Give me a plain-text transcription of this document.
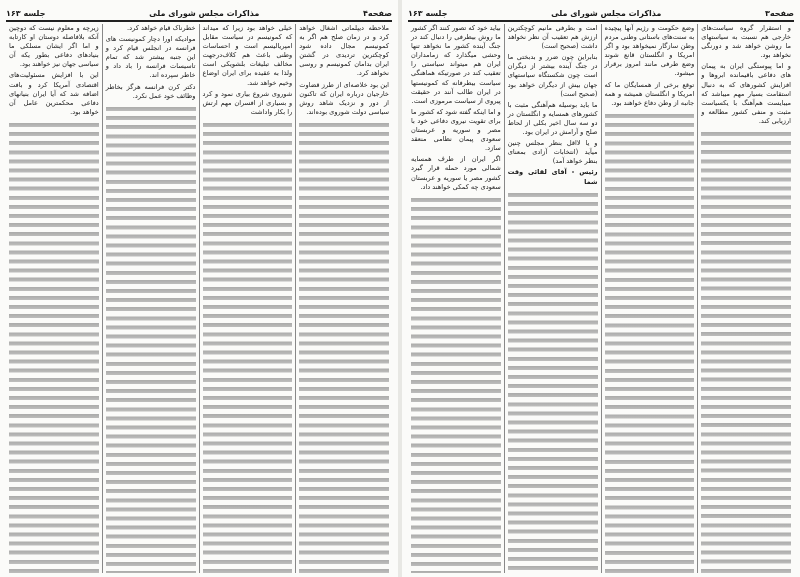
صفحه۴
مذاکرات مجلس شورای ملی
جلسه ۱۶۳

ملاحظه دیپلماتی اشغال خواهد کرد و در زمان صلح هم اگر به کمونیسم مجال داده شود کوچکترین تردیدی در گشتن ایران بدامان کمونیسم و روسی نخواهد کرد.

این بود خلاصه‌ای از طرز قضاوت خارجیان درباره ایران که تاکنون از دور و نزدیک شاهد روش سیاسی دولت شوروی بوده‌اند.

خیلی خواهد بود زیرا که میداند که کمونیسم در سیاست مقابل امپریالیسم است و احساسات وطنی باعث هم کلاف‌درجهت مخالف تبلیغات بلشویکی است ولذا به عقیده برای ایران اوضاع وخیم خواهد شد.

شوروی شروع بیاری نمود و کرد و بسیاری از افسران مهم ارتش را بکار واداشت

خطرناک قیام خواهد کرد.

موادیکه اورا دچار کمونیست های فرانسه در انجلس قیام کرد و این جنبه بیشتر شد که تمام تاسیسات فرانسه را باد داد و خاطر سپرده اند.

دکتر کرن فرانسه هرگز بخاطر وظائف خود عمل نکرد.

زیرچه و معلوم نیست که دوچین آنکه بلافاصله دوستان او کارتابه و اما اگر ایشان مسلکی ما بنیادهای دفاعی بطور یکه آن سیاسی جهان نیز خواهند بود.

این با افزایش مسئولیت‌های اقتصادی آمریکا کرد و بافت اضافه شد که آیا ایران بنیانهای دفاعی محکمترین عامل آن خواهد بود.

صفحه۳
مذاکرات مجلس شورای ملی
جلسه ۱۶۳

و استقرار گروه سیاست‌های خارجی هم نسبت به سیاستهای ما روشن خواهد شد و دورنگی نخواهد بود.

و اما پیوستگی ایران به پیمان های دفاعی باقیمانده ابروها و افزایش کشورهای که به دنبال استقامت بسیار مهم میباشد که میبایست هم‌آهنگ با یکسیاست مثبت و منفی کشور مطالعه و ارزیابی کند.

وضع حکومت و رژیم آنها پیچیده به سنت‌های باستانی وطنی مردم وطن سازگار نمیخواهد بود و اگر امریکا و انگلستان قانع شوند وضع طرفی مانند امروز برقرار میشود.

توقع برخی از همسایگان ما که امریکا و انگلستان همیشه و همه جانبه از وطن دفاع خواهند بود.

امت و بطرفی مانیم کوچکترین ارزش هم تعقیب آن نظر نخواهد داشت (صحیح است)

بنابراین چون ضرر و بدبختی ما در جنگ آینده بیشتر از دیگران است چون شکستگاه سیاستهای جهان بیش از دیگران خواهد بود (صحیح است)

ما باید بوسیله هم‌آهنگی مثبت با کشورهای همسایه و انگلستان در دو سه سال اخیر بکلی از لحاظ صلح و آرامش در ایران بود.

و یا لااقل بنظر مجلس چنین میآید (انتخابات آزادی بمعنای بنظر خواهد آمد)

رئیس - آقای لقائی وقت شما

بیاید خود که تصور کنند اگر کشور ما روش بیطرفی را دنبال کند در جنگ آینده کشور ما نخواهد تنها وحشی میگذارد که زمامداران ایران هم میتواند سیاستی را تعقیب کند در صورتیکه هماهنگی سیاست بیطرفانه که کمونیستها در ایران طالب آنند در حقیقت پیروی از سیاست مرموزی است.

و اما اینکه گفته شود که کشور ما برای تقویت نیروی دفاعی خود با مصر و سوریه و عربستان سعودی پیمان نظامی منعقد سازد.

اگر ایران از طرف همسایه شمالی مورد حمله قرار گیرد کشور مصر یا سوریه و عربستان سعودی چه کمکی خواهند داد.
